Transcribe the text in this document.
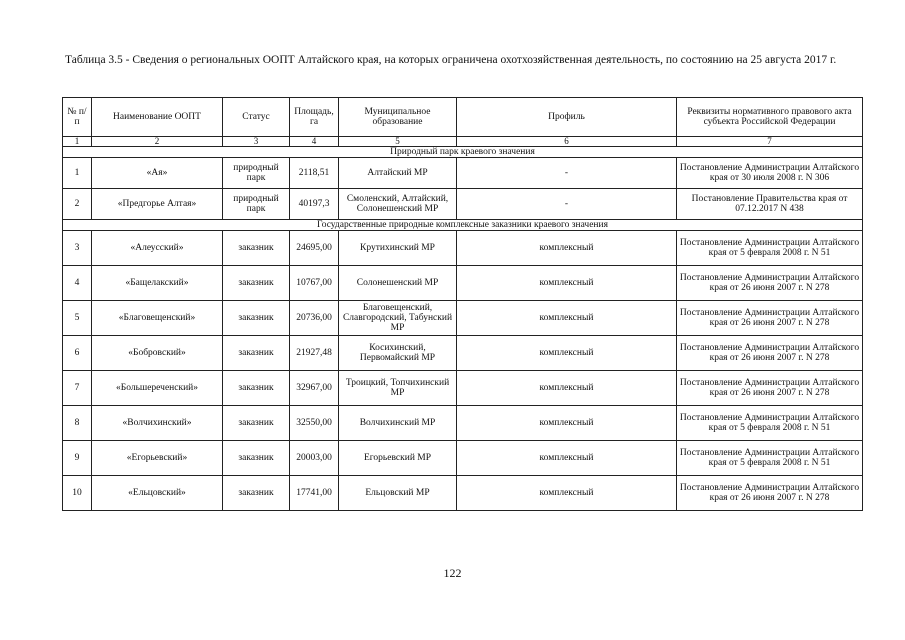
Таблица 3.5 - Сведения о региональных ООПТ Алтайского края, на которых ограничена охотхозяйственная деятельность, по состоянию на 25 августа 2017 г.
№ п/п	Наименование ООПТ	Статус	Площадь, га	Муниципальное образование	Профиль	Реквизиты нормативного правового акта субъекта Российской Федерации
1	2	3	4	5	6	7
Природный парк краевого значения						
1	«Ая»	природный парк	2118,51	Алтайский МР	-	Постановление Администрации Алтайского края от 30 июля 2008 г. N 306
2	«Предгорье Алтая»	природный парк	40197,3	Смоленский, Алтайский, Солонешенский МР	-	Постановление Правительства края от 07.12.2017 N 438
Государственные природные комплексные заказники краевого значения						
3	«Алеусский»	заказник	24695,00	Крутихинский МР	комплексный	Постановление Администрации Алтайского края от 5 февраля 2008 г. N 51
4	«Бащелакский»	заказник	10767,00	Солонешенский МР	комплексный	Постановление Администрации Алтайского края от 26 июня 2007 г. N 278
5	«Благовещенский»	заказник	20736,00	Благовещенский, Славгородский, Табунский МР	комплексный	Постановление Администрации Алтайского края от 26 июня 2007 г. N 278
6	«Бобровский»	заказник	21927,48	Косихинский, Первомайский МР	комплексный	Постановление Администрации Алтайского края от 26 июня 2007 г. N 278
7	«Большереченский»	заказник	32967,00	Троицкий, Топчихинский МР	комплексный	Постановление Администрации Алтайского края от 26 июня 2007 г. N 278
8	«Волчихинский»	заказник	32550,00	Волчихинский МР	комплексный	Постановление Администрации Алтайского края от 5 февраля 2008 г. N 51
9	«Егорьевский»	заказник	20003,00	Егорьевский МР	комплексный	Постановление Администрации Алтайского края от 5 февраля 2008 г. N 51
10	«Ельцовский»	заказник	17741,00	Ельцовский МР	комплексный	Постановление Администрации Алтайского края от 26 июня 2007 г. N 278
122
